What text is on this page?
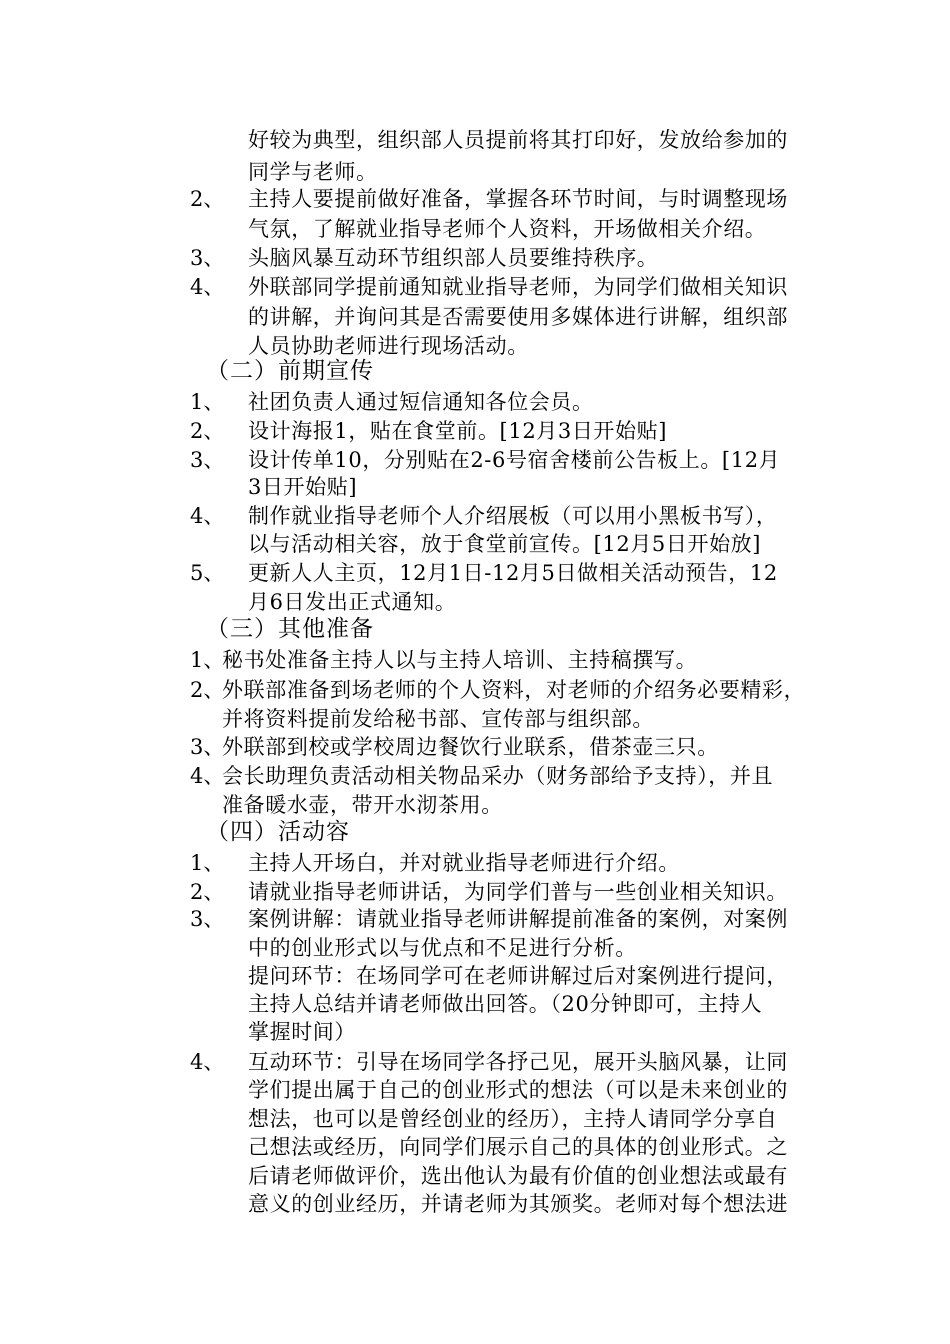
好较为典型，组织部人员提前将其打印好，发放给参加的
同学与老师。
2、 主持人要提前做好准备，掌握各环节时间，与时调整现场
气氛，了解就业指导老师个人资料，开场做相关介绍。
3、 头脑风暴互动环节组织部人员要维持秩序。
4、 外联部同学提前通知就业指导老师，为同学们做相关知识
的讲解，并询问其是否需要使用多媒体进行讲解，组织部
人员协助老师进行现场活动。
（二）前期宣传
1、 社团负责人通过短信通知各位会员。
2、 设计海报1，贴在食堂前。[12月3日开始贴]
3、 设计传单10，分别贴在2-6号宿舍楼前公告板上。[12月
3日开始贴]
4、 制作就业指导老师个人介绍展板（可以用小黑板书写），
以与活动相关容，放于食堂前宣传。[12月5日开始放]
5、 更新人人主页，12月1日-12月5日做相关活动预告，12
月6日发出正式通知。
（三）其他准备
1、
秘书处准备主持人以与主持人培训、主持稿撰写。
2、
外联部准备到场老师的个人资料，对老师的介绍务必要精彩，
并将资料提前发给秘书部、宣传部与组织部。
3、
外联部到校或学校周边餐饮行业联系，借茶壶三只。
4、
会长助理负责活动相关物品采办（财务部给予支持），并且
准备暖水壶，带开水沏茶用。
（四）活动容
1、 主持人开场白，并对就业指导老师进行介绍。
2、 请就业指导老师讲话，为同学们普与一些创业相关知识。
3、 案例讲解：请就业指导老师讲解提前准备的案例，对案例
中的创业形式以与优点和不足进行分析。
提问环节：在场同学可在老师讲解过后对案例进行提问，
主持人总结并请老师做出回答。（20分钟即可，主持人
掌握时间）
4、 互动环节：引导在场同学各抒己见，展开头脑风暴，让同
学们提出属于自己的创业形式的想法（可以是未来创业的
想法，也可以是曾经创业的经历），主持人请同学分享自
己想法或经历，向同学们展示自己的具体的创业形式。之
后请老师做评价，选出他认为最有价值的创业想法或最有
意义的创业经历，并请老师为其颁奖。老师对每个想法进
